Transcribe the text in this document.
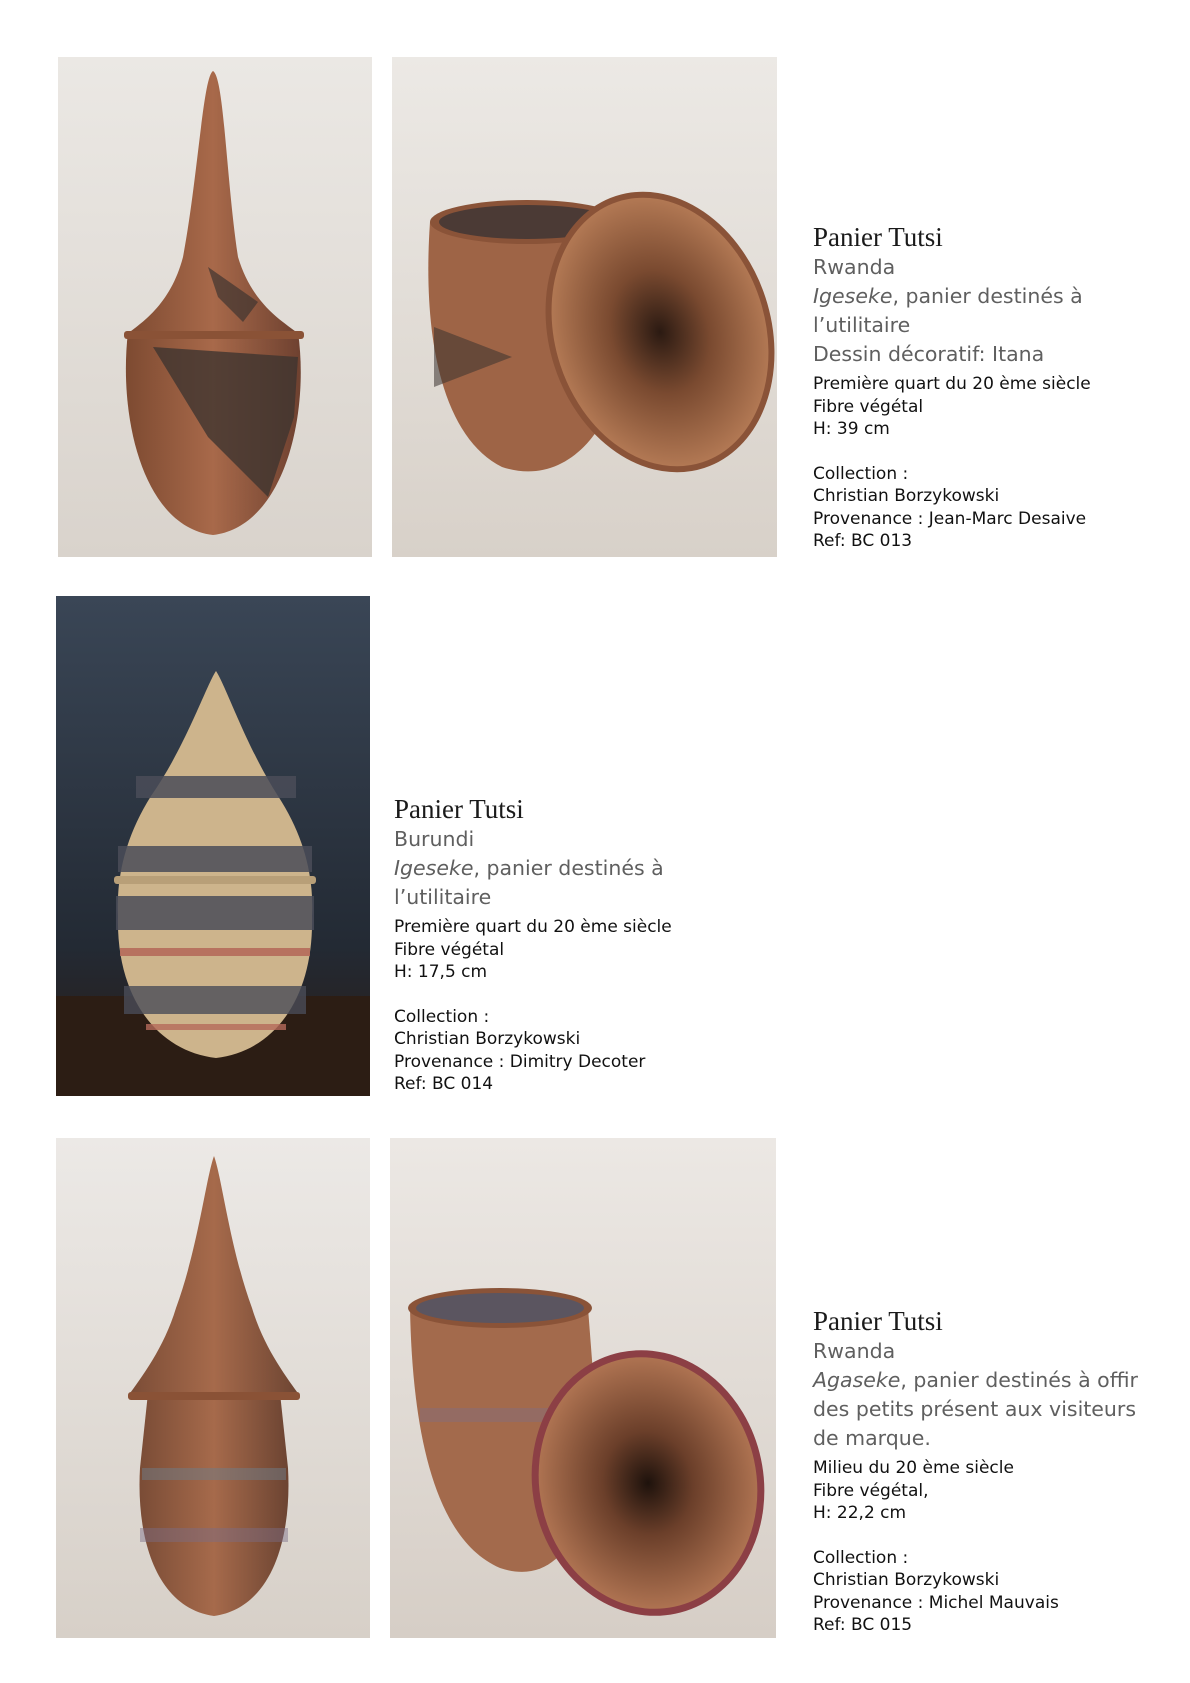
Panier Tutsi
Rwanda
Igeseke, panier destinés à l’utilitaire
Dessin décoratif: Itana
Première quart du 20 ème siècle
Fibre végétal
H: 39 cm
Collection :
Christian Borzykowski
Provenance : Jean-Marc Desaive
Ref: BC 013
Panier Tutsi
Burundi
Igeseke, panier destinés à l’utilitaire
Première quart du 20 ème siècle
Fibre végétal
H: 17,5 cm
Collection :
Christian Borzykowski
Provenance : Dimitry Decoter
Ref: BC 014
Panier Tutsi
Rwanda
Agaseke, panier destinés à offir des petits présent aux visiteurs de marque.
Milieu du 20 ème siècle
Fibre végétal,
H: 22,2 cm
Collection :
Christian Borzykowski
Provenance : Michel Mauvais
Ref: BC 015
